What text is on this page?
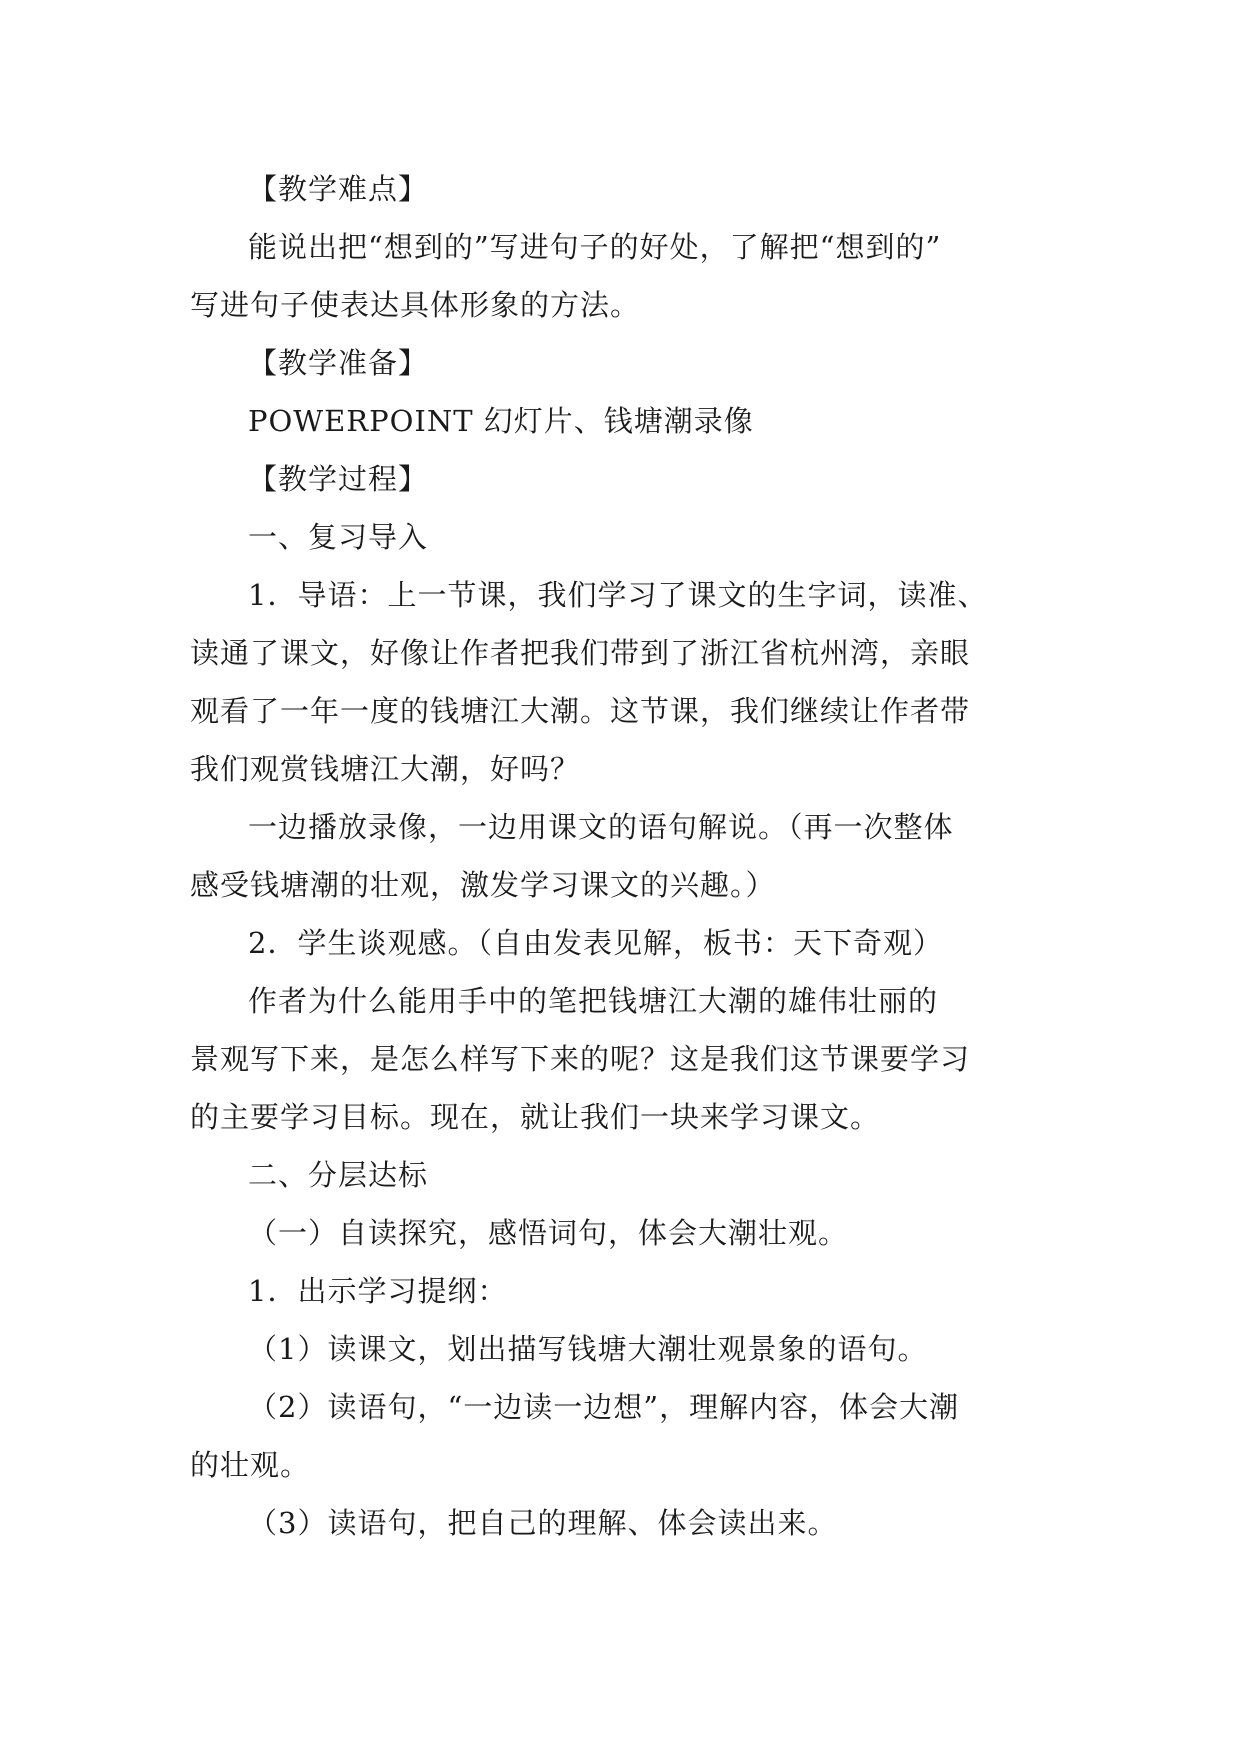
【教学难点】
能说出把“想到的”写进句子的好处，了解把“想到的”
写进句子使表达具体形象的方法。
【教学准备】
POWERPOINT 幻灯片、钱塘潮录像
【教学过程】
一、复习导入
1．导语：上一节课，我们学习了课文的生字词，读准、
读通了课文，好像让作者把我们带到了浙江省杭州湾，亲眼
观看了一年一度的钱塘江大潮。这节课，我们继续让作者带
我们观赏钱塘江大潮，好吗？
一边播放录像，一边用课文的语句解说。（再一次整体
感受钱塘潮的壮观，激发学习课文的兴趣。）
2．学生谈观感。（自由发表见解，板书：天下奇观）
作者为什么能用手中的笔把钱塘江大潮的雄伟壮丽的
景观写下来，是怎么样写下来的呢？这是我们这节课要学习
的主要学习目标。现在，就让我们一块来学习课文。
二、分层达标
（一）自读探究，感悟词句，体会大潮壮观。
1．出示学习提纲：
（1）读课文，划出描写钱塘大潮壮观景象的语句。
（2）读语句，“一边读一边想”，理解内容，体会大潮
的壮观。
（3）读语句，把自己的理解、体会读出来。
